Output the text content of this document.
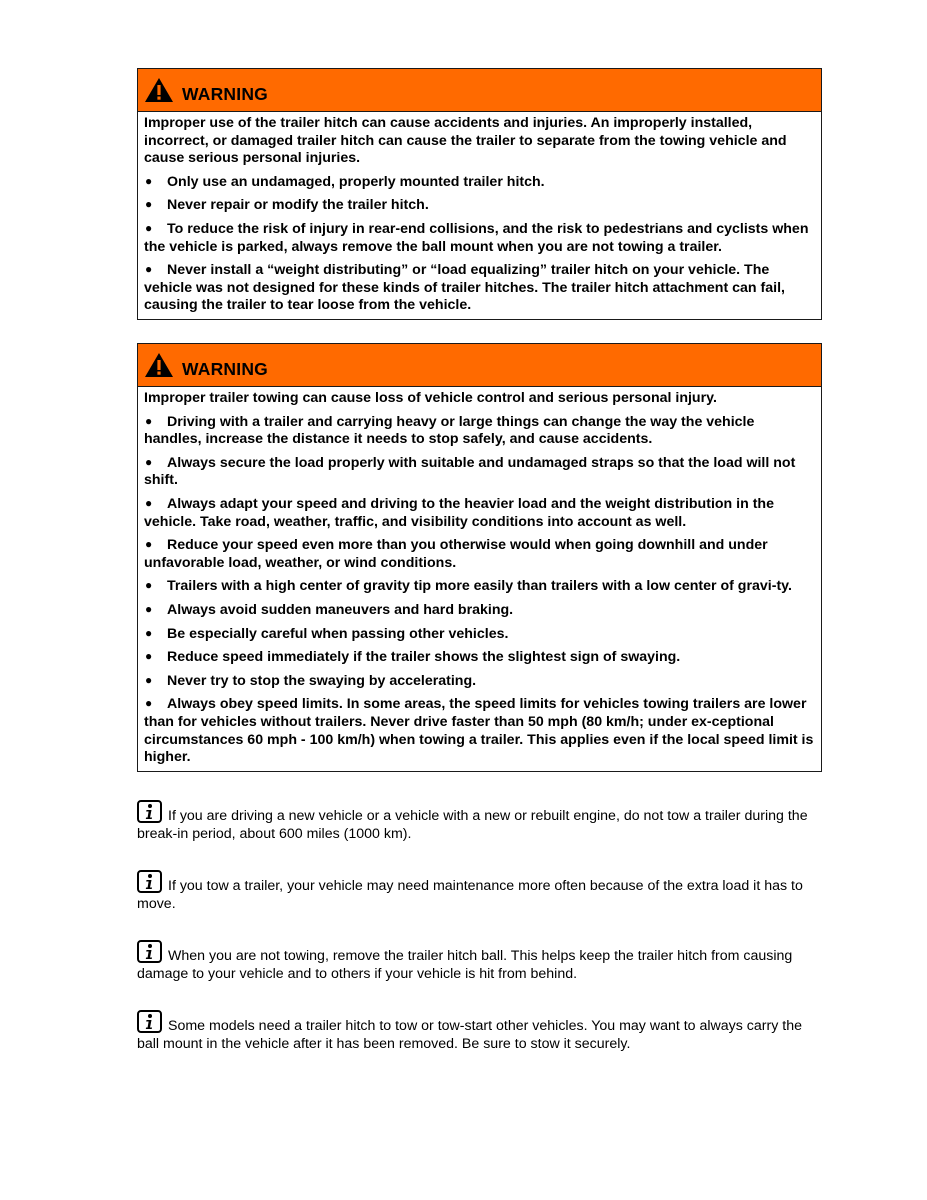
WARNING

Improper use of the trailer hitch can cause accidents and injuries. An improperly installed, incorrect, or damaged trailer hitch can cause the trailer to separate from the towing vehicle and cause serious personal injuries.

● Only use an undamaged, properly mounted trailer hitch.

● Never repair or modify the trailer hitch.

● To reduce the risk of injury in rear-end collisions, and the risk to pedestrians and cyclists when the vehicle is parked, always remove the ball mount when you are not towing a trailer.

● Never install a “weight distributing” or “load equalizing” trailer hitch on your vehicle. The vehicle was not designed for these kinds of trailer hitches. The trailer hitch attachment can fail, causing the trailer to tear loose from the vehicle.

WARNING

Improper trailer towing can cause loss of vehicle control and serious personal injury.

● Driving with a trailer and carrying heavy or large things can change the way the vehicle handles, increase the distance it needs to stop safely, and cause accidents.

● Always secure the load properly with suitable and undamaged straps so that the load will not shift.

● Always adapt your speed and driving to the heavier load and the weight distribution in the vehicle. Take road, weather, traffic, and visibility conditions into account as well.

● Reduce your speed even more than you otherwise would when going downhill and under unfavorable load, weather, or wind conditions.

● Trailers with a high center of gravity tip more easily than trailers with a low center of gravi-ty.

● Always avoid sudden maneuvers and hard braking.

● Be especially careful when passing other vehicles.

● Reduce speed immediately if the trailer shows the slightest sign of swaying.

● Never try to stop the swaying by accelerating.

● Always obey speed limits. In some areas, the speed limits for vehicles towing trailers are lower than for vehicles without trailers. Never drive faster than 50 mph (80 km/h; under ex-ceptional circumstances 60 mph - 100 km/h) when towing a trailer. This applies even if the local speed limit is higher.

If you are driving a new vehicle or a vehicle with a new or rebuilt engine, do not tow a trailer during the break-in period, about 600 miles (1000 km).
If you tow a trailer, your vehicle may need maintenance more often because of the extra load it has to move.
When you are not towing, remove the trailer hitch ball. This helps keep the trailer hitch from causing damage to your vehicle and to others if your vehicle is hit from behind.
Some models need a trailer hitch to tow or tow-start other vehicles. You may want to always carry the ball mount in the vehicle after it has been removed. Be sure to stow it securely.
